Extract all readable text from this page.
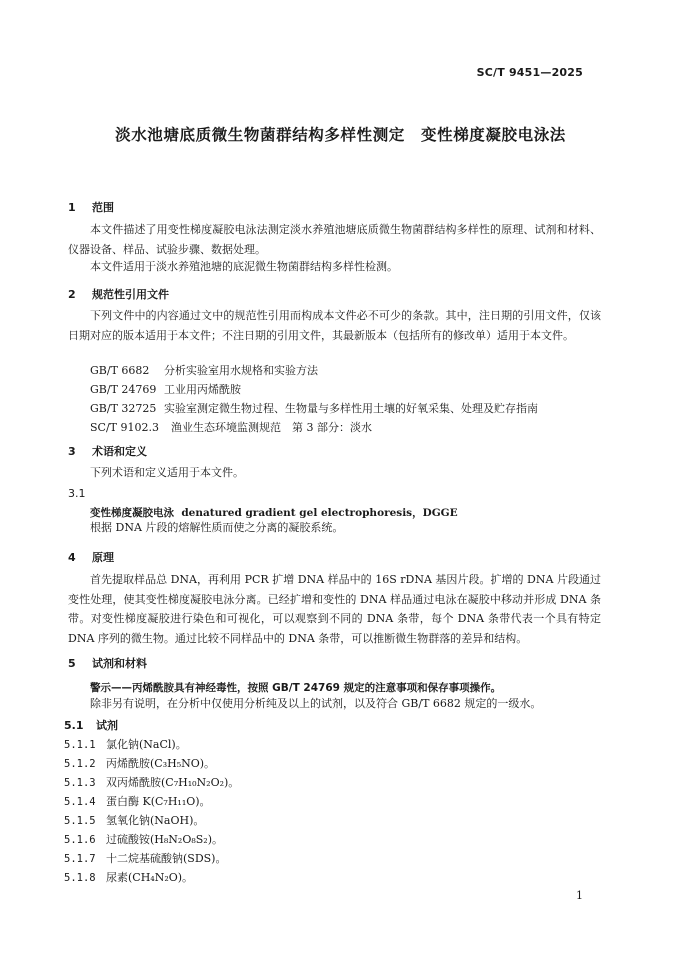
SC/T 9451—2025
淡水池塘底质微生物菌群结构多样性测定　变性梯度凝胶电泳法
1 范围
本文件描述了用变性梯度凝胶电泳法测定淡水养殖池塘底质微生物菌群结构多样性的原理、试剂和材料、仪器设备、样品、试验步骤、数据处理。
本文件适用于淡水养殖池塘的底泥微生物菌群结构多样性检测。
2 规范性引用文件
下列文件中的内容通过文中的规范性引用而构成本文件必不可少的条款。其中，注日期的引用文件，仅该日期对应的版本适用于本文件；不注日期的引用文件，其最新版本（包括所有的修改单）适用于本文件。
GB/T 6682 分析实验室用水规格和实验方法
GB/T 24769 工业用丙烯酰胺
GB/T 32725 实验室测定微生物过程、生物量与多样性用土壤的好氧采集、处理及贮存指南
SC/T 9102.3 渔业生态环境监测规范　第 3 部分：淡水
3 术语和定义
下列术语和定义适用于本文件。
3.1
变性梯度凝胶电泳 denatured gradient gel electrophoresis，DGGE
根据 DNA 片段的熔解性质而使之分离的凝胶系统。
4 原理
首先提取样品总 DNA，再利用 PCR 扩增 DNA 样品中的 16S rDNA 基因片段。扩增的 DNA 片段通过变性处理，使其变性梯度凝胶电泳分离。已经扩增和变性的 DNA 样品通过电泳在凝胶中移动并形成 DNA 条带。对变性梯度凝胶进行染色和可视化，可以观察到不同的 DNA 条带，每个 DNA 条带代表一个具有特定 DNA 序列的微生物。通过比较不同样品中的 DNA 条带，可以推断微生物群落的差异和结构。
5 试剂和材料
警示——丙烯酰胺具有神经毒性，按照 GB/T 24769 规定的注意事项和保存事项操作。
除非另有说明，在分析中仅使用分析纯及以上的试剂，以及符合 GB/T 6682 规定的一级水。
5.1 试剂
5.1.1 氯化钠(NaCl)。
5.1.2 丙烯酰胺(C₃H₅NO)。
5.1.3 双丙烯酰胺(C₇H₁₀N₂O₂)。
5.1.4 蛋白酶 K(C₇H₁₁O)。
5.1.5 氢氧化钠(NaOH)。
5.1.6 过硫酸铵(H₈N₂O₈S₂)。
5.1.7 十二烷基硫酸钠(SDS)。
5.1.8 尿素(CH₄N₂O)。
1
